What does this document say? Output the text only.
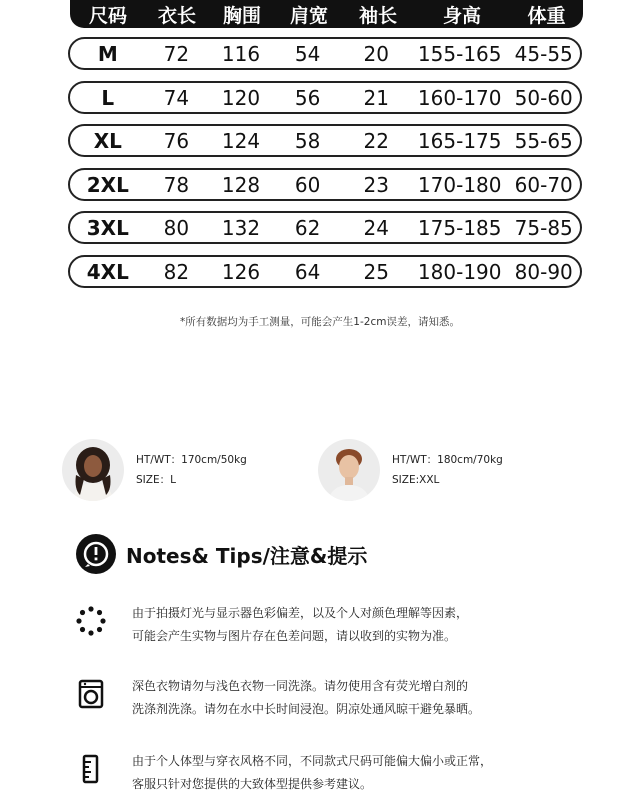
尺码	衣长	胸围	肩宽	袖长	身高	体重
M	72	116	54	20	155-165 45-55
L	74	120	56	21	160-170 50-60
XL	76	124	58	22	165-175 55-65
2XL	78	128	60	23	170-180 60-70
3XL	80	132	62	24	175-185 75-85
4XL	82	126	64	25	180-190 80-90
*所有数据均为手工测量，可能会产生1-2cm误差，请知悉。
HT/WT：170cm/50kg
SIZE：L
HT/WT：180cm/70kg
SIZE:XXL
Notes& Tips/注意&提示
由于拍摄灯光与显示器色彩偏差，以及个人对颜色理解等因素，
可能会产生实物与图片存在色差问题，请以收到的实物为准。
深色衣物请勿与浅色衣物一同洗涤。请勿使用含有荧光增白剂的
洗涤剂洗涤。请勿在水中长时间浸泡。阴凉处通风晾干避免暴晒。
由于个人体型与穿衣风格不同，不同款式尺码可能偏大偏小或正常，
客服只针对您提供的大致体型提供参考建议。
